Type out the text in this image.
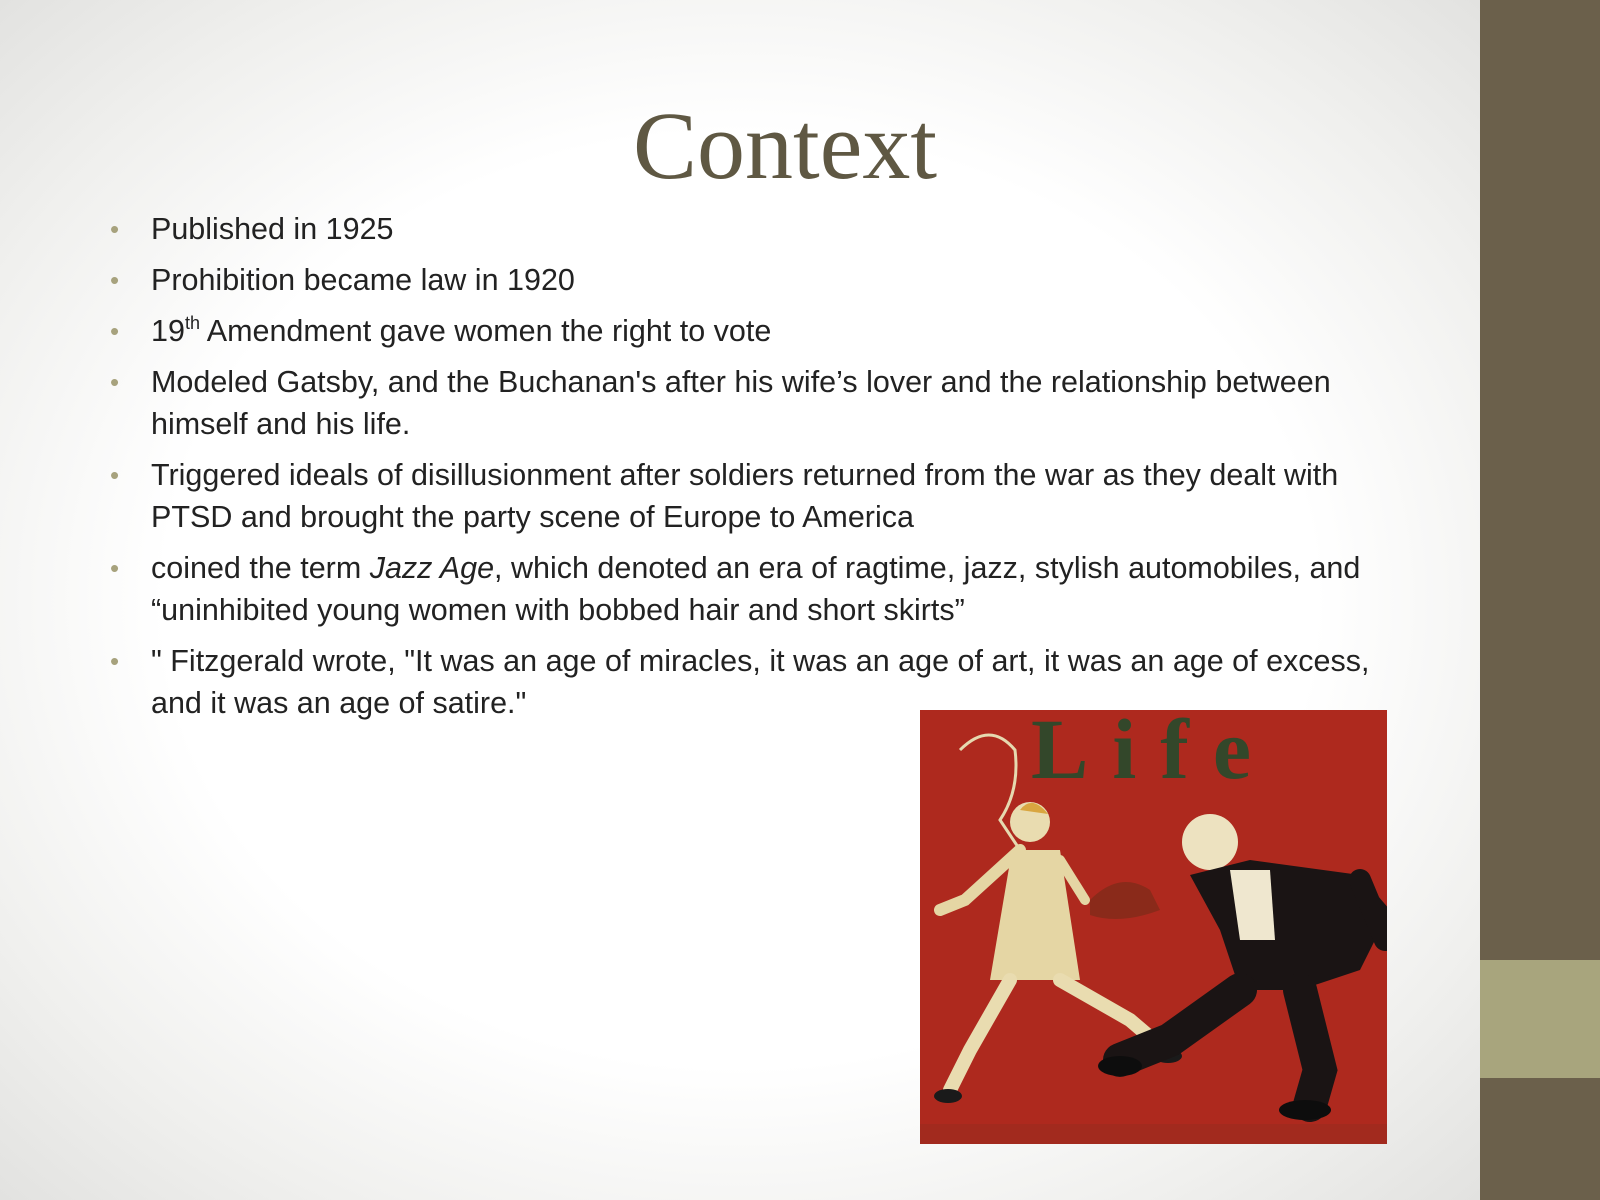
Context
• Published in 1925
• Prohibition became law in 1920
• 19th Amendment gave women the right to vote
• Modeled Gatsby, and the Buchanan's after his wife’s lover and the relationship between himself and his life.
• Triggered ideals of disillusionment after soldiers returned from the war as they dealt with PTSD and brought the party scene of Europe to America
• coined the term Jazz Age, which denoted an era of ragtime, jazz, stylish automobiles, and “uninhibited young women with bobbed hair and short skirts”
• " Fitzgerald wrote, "It was an age of miracles, it was an age of art, it was an age of excess, and it was an age of satire."	Life
